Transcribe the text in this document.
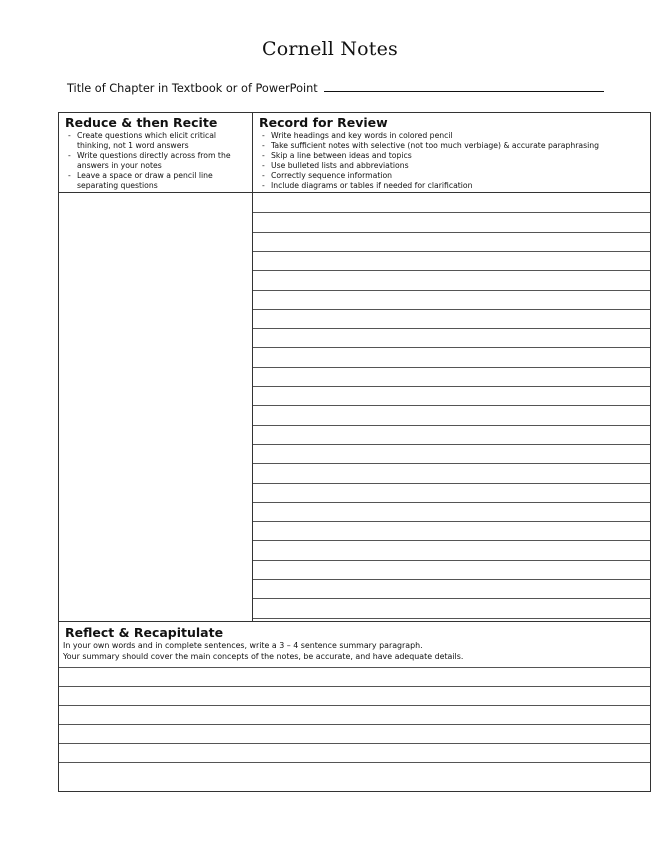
Cornell Notes
Title of Chapter in Textbook or of PowerPoint
Reduce & then Recite
- Create questions which elicit critical thinking, not 1 word answers
- Write questions directly across from the answers in your notes
- Leave a space or draw a pencil line separating questions
Record for Review
- Write headings and key words in colored pencil
- Take sufficient notes with selective (not too much verbiage) & accurate paraphrasing
- Skip a line between ideas and topics
- Use bulleted lists and abbreviations
- Correctly sequence information
- Include diagrams or tables if needed for clarification
Reflect & Recapitulate
In your own words and in complete sentences, write a 3 – 4 sentence summary paragraph.
Your summary should cover the main concepts of the notes, be accurate, and have adequate details.
